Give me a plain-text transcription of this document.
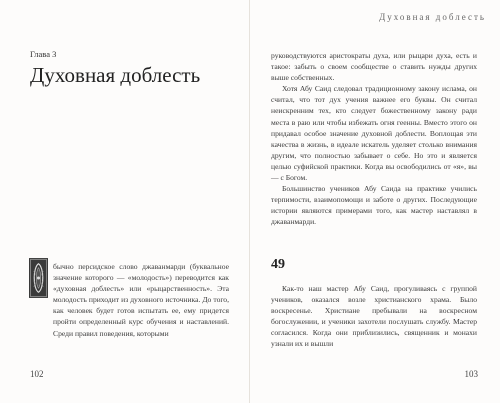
Глава 3
Духовная доблесть

бычно персидское слово джаванмарди (буквальное значение которого — «молодость») переводится как «духовная доблесть» или «рыцарственность». Эта молодость приходит из духовного источника. До того, как человек будет готов испытать ее, ему придется пройти определенный курс обучения и наставлений. Среди правил поведения, которыми

102
Духовная доблесть

руководствуются аристократы духа, или рыцари духа, есть и такое: забыть о своем сообществе о ставить нужды других выше собственных.

Хотя Абу Саид следовал традиционному закону ислама, он считал, что тот дух учения важнее его буквы. Он считал неискренним тех, кто следует божественному закону ради места в раю или чтобы избежать огня геенны. Вместо этого он придавал особое значение духовной доблести. Воплощая эти качества в жизнь, в идеале искатель уделяет столько внимания другим, что полностью забывает о себе. Но это и является целью суфийской практики. Когда вы освободились от «я», вы — с Богом.

Большинство учеников Абу Саида на практике учились терпимости, взаимопомощи и заботе о других. Последующие истории являются примерами того, как мастер наставлял в джаванмарди.

49

Как-то наш мастер Абу Саид, прогуливаясь с группой учеников, оказался возле христианского храма. Было воскресенье. Христиане пребывали на воскресном богослужении, и ученики захотели послушать службу. Мастер согласился. Когда они приблизились, священник и монахи узнали их и вышли

103
